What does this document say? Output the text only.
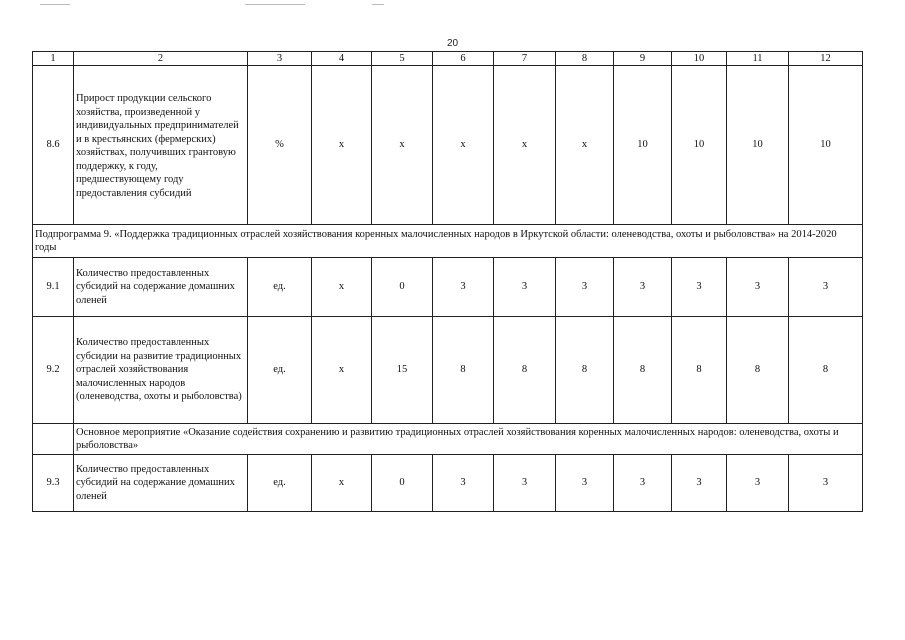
20
1	2	3	4	5	6	7	8	9	10	11	12
8.6	Прирост продукции сельского хозяйства, произведенной у индивидуальных предпринимателей и в крестьянских (фермерских) хозяйствах, получивших грантовую поддержку, к году, предшествующему году предоставления субсидий	%	х	х	х	х	х	10	10	10	10
Подпрограмма 9. «Поддержка традиционных отраслей хозяйствования коренных малочисленных народов в Иркутской области: оленеводства, охоты и рыболовства» на 2014-2020 годы											
9.1	Количество предоставленных субсидий на содержание домашних оленей	ед.	х	0	3	3	3	3	3	3	3
9.2	Количество предоставленных субсидии на развитие традиционных отраслей хозяйствования малочисленных народов (оленеводства, охоты и рыболовства)	ед.	х	15	8	8	8	8	8	8	8
	Основное мероприятие «Оказание содействия сохранению и развитию традиционных отраслей хозяйствования коренных малочисленных народов: оленеводства, охоты и рыболовства»										
9.3	Количество предоставленных субсидий на содержание домашних оленей	ед.	х	0	3	3	3	3	3	3	3
